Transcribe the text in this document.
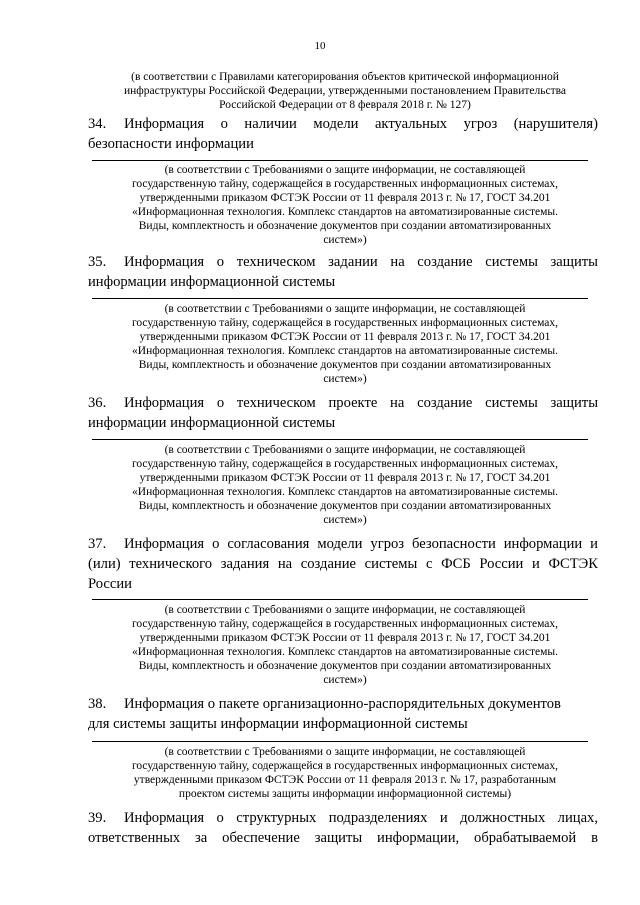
10
(в соответствии с Правилами категорирования объектов критической информационной
инфраструктуры Российской Федерации, утвержденными постановлением Правительства
Российской Федерации от 8 февраля 2018 г. № 127)
34. Информация о наличии модели актуальных угроз (нарушителя)
безопасности информации
(в соответствии с Требованиями о защите информации, не составляющей
государственную тайну, содержащейся в государственных информационных системах,
утвержденными приказом ФСТЭК России от 11 февраля 2013 г. № 17, ГОСТ 34.201
«Информационная технология. Комплекс стандартов на автоматизированные системы.
Виды, комплектность и обозначение документов при создании автоматизированных
систем»)
35. Информация о техническом задании на создание системы защиты
информации информационной системы
(в соответствии с Требованиями о защите информации, не составляющей
государственную тайну, содержащейся в государственных информационных системах,
утвержденными приказом ФСТЭК России от 11 февраля 2013 г. № 17, ГОСТ 34.201
«Информационная технология. Комплекс стандартов на автоматизированные системы.
Виды, комплектность и обозначение документов при создании автоматизированных
систем»)
36. Информация о техническом проекте на создание системы защиты
информации информационной системы
(в соответствии с Требованиями о защите информации, не составляющей
государственную тайну, содержащейся в государственных информационных системах,
утвержденными приказом ФСТЭК России от 11 февраля 2013 г. № 17, ГОСТ 34.201
«Информационная технология. Комплекс стандартов на автоматизированные системы.
Виды, комплектность и обозначение документов при создании автоматизированных
систем»)
37. Информация о согласования модели угроз безопасности информации и
(или) технического задания на создание системы с ФСБ России и ФСТЭК
России
(в соответствии с Требованиями о защите информации, не составляющей
государственную тайну, содержащейся в государственных информационных системах,
утвержденными приказом ФСТЭК России от 11 февраля 2013 г. № 17, ГОСТ 34.201
«Информационная технология. Комплекс стандартов на автоматизированные системы.
Виды, комплектность и обозначение документов при создании автоматизированных
систем»)
38. Информация о пакете организационно-распорядительных документов
для системы защиты информации информационной системы
(в соответствии с Требованиями о защите информации, не составляющей
государственную тайну, содержащейся в государственных информационных системах,
утвержденными приказом ФСТЭК России от 11 февраля 2013 г. № 17, разработанным
проектом системы защиты информации информационной системы)
39. Информация о структурных подразделениях и должностных лицах,
ответственных за обеспечение защиты информации, обрабатываемой в
